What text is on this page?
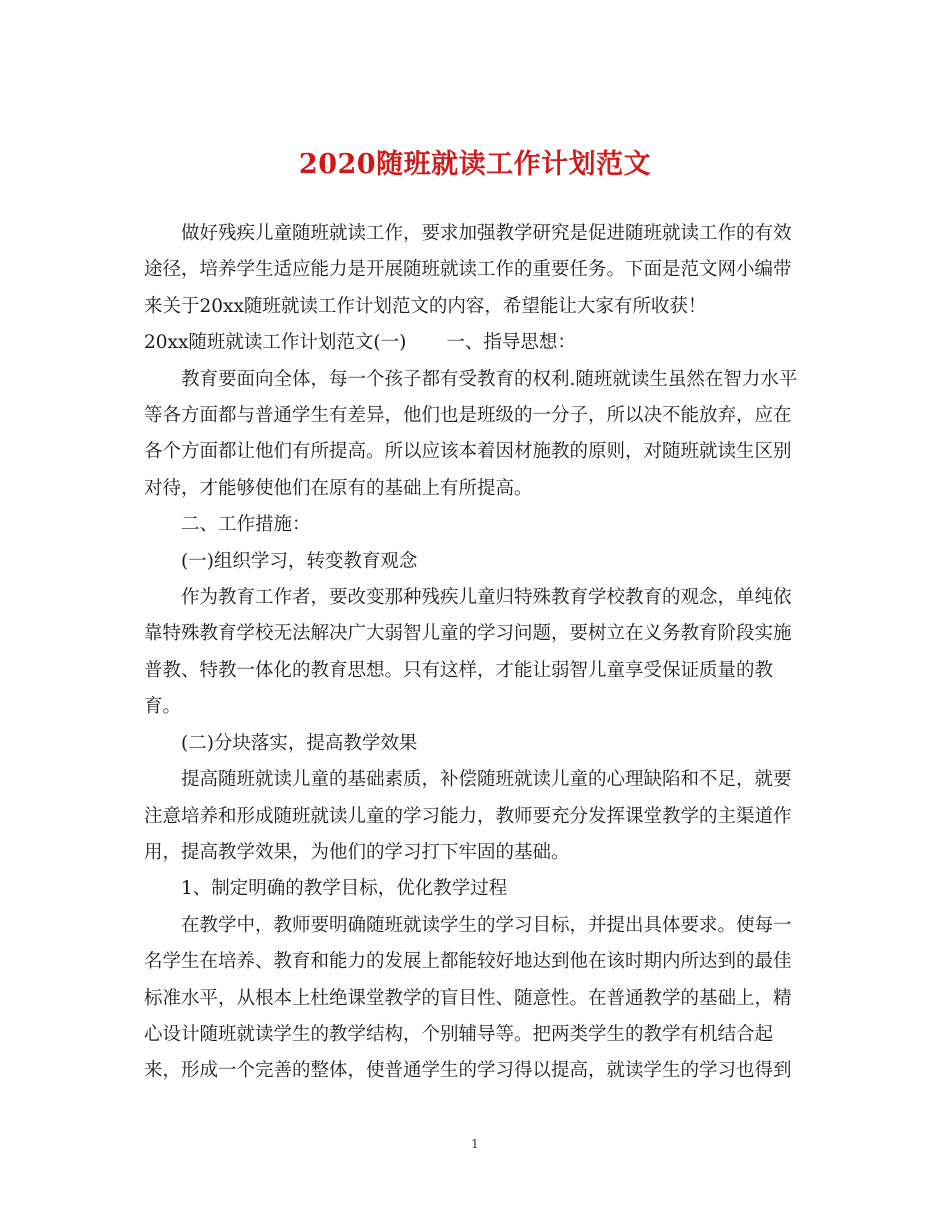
2020随班就读工作计划范文

做好残疾儿童随班就读工作，要求加强教学研究是促进随班就读工作的有效途径，培养学生适应能力是开展随班就读工作的重要任务。下面是范文网小编带来关于20xx随班就读工作计划范文的内容，希望能让大家有所收获！

20xx随班就读工作计划范文(一) 一、指导思想：

教育要面向全体，每一个孩子都有受教育的权利.随班就读生虽然在智力水平等各方面都与普通学生有差异，他们也是班级的一分子，所以决不能放弃，应在各个方面都让他们有所提高。所以应该本着因材施教的原则，对随班就读生区别对待，才能够使他们在原有的基础上有所提高。

二、工作措施：

(一)组织学习，转变教育观念

作为教育工作者，要改变那种残疾儿童归特殊教育学校教育的观念，单纯依靠特殊教育学校无法解决广大弱智儿童的学习问题，要树立在义务教育阶段实施普教、特教一体化的教育思想。只有这样，才能让弱智儿童享受保证质量的教育。

(二)分块落实，提高教学效果

提高随班就读儿童的基础素质，补偿随班就读儿童的心理缺陷和不足，就要注意培养和形成随班就读儿童的学习能力，教师要充分发挥课堂教学的主渠道作用，提高教学效果，为他们的学习打下牢固的基础。

1、制定明确的教学目标，优化教学过程

在教学中，教师要明确随班就读学生的学习目标，并提出具体要求。使每一名学生在培养、教育和能力的发展上都能较好地达到他在该时期内所达到的最佳标准水平，从根本上杜绝课堂教学的盲目性、随意性。在普通教学的基础上，精心设计随班就读学生的教学结构，个别辅导等。把两类学生的教学有机结合起来，形成一个完善的整体，使普通学生的学习得以提高，就读学生的学习也得到

1
